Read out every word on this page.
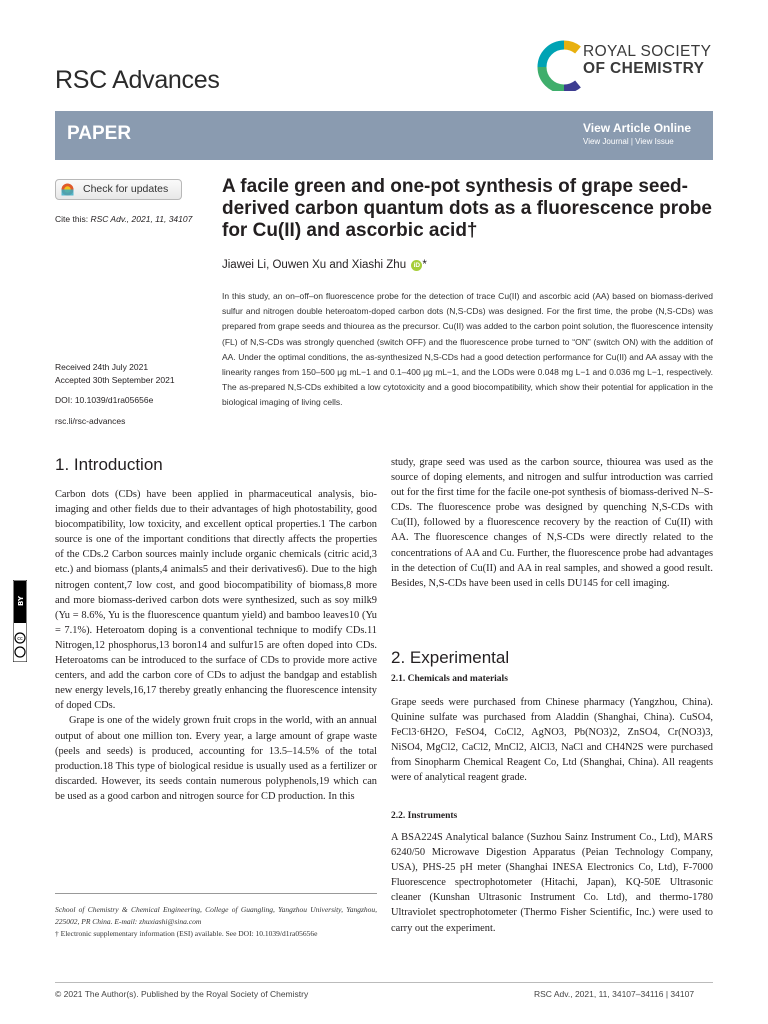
RSC Advances
ROYAL SOCIETY
OF CHEMISTRY
PAPER	View Article Online
View Journal | View Issue
Check for updates
Cite this: RSC Adv., 2021, 11, 34107
Received 24th July 2021
Accepted 30th September 2021
DOI: 10.1039/d1ra05656e
rsc.li/rsc-advances
cc
BY
A facile green and one-pot synthesis of grape seed-derived carbon quantum dots as a fluorescence probe for Cu(II) and ascorbic acid†
Jiawei Li, Ouwen Xu and Xiashi Zhu iD *
In this study, an on–off–on fluorescence probe for the detection of trace Cu(II) and ascorbic acid (AA) based on biomass-derived sulfur and nitrogen double heteroatom-doped carbon dots (N,S-CDs) was designed. For the first time, the probe (N,S-CDs) was prepared from grape seeds and thiourea as the precursor. Cu(II) was added to the carbon point solution, the fluorescence intensity (FL) of N,S-CDs was strongly quenched (switch OFF) and the fluorescence probe turned to “ON” (switch ON) with the addition of AA. Under the optimal conditions, the as-synthesized N,S-CDs had a good detection performance for Cu(II) and AA assay with the linearity ranges from 150–500 μg mL−1 and 0.1–400 μg mL−1, and the LODs were 0.048 mg L−1 and 0.036 mg L−1, respectively. The as-prepared N,S-CDs exhibited a low cytotoxicity and a good biocompatibility, which show their potential for application in the biological imaging of living cells.
1. Introduction

Carbon dots (CDs) have been applied in pharmaceutical analysis, bio-imaging and other fields due to their advantages of high photostability, good biocompatibility, low toxicity, and excellent optical properties.1 The carbon source is one of the important conditions that directly affects the properties of the CDs.2 Carbon sources mainly include organic chemicals (citric acid,3 etc.) and biomass (plants,4 animals5 and their derivatives6). Due to the high nitrogen content,7 low cost, and good biocompatibility of biomass,8 more and more biomass-derived carbon dots were synthesized, such as soy milk9 (Yu = 8.6%, Yu is the fluorescence quantum yield) and bamboo leaves10 (Yu = 7.1%). Heteroatom doping is a conventional technique to modify CDs.11 Nitrogen,12 phosphorus,13 boron14 and sulfur15 are often doped into CDs. Heteroatoms can be introduced to the surface of CDs to provide more active centers, and add the carbon core of CDs to adjust the bandgap and establish new energy levels,16,17 thereby greatly enhancing the fluorescence intensity of doped CDs.

Grape is one of the widely grown fruit crops in the world, with an annual output of about one million ton. Every year, a large amount of grape waste (peels and seeds) is produced, accounting for 13.5–14.5% of the total production.18 This type of biological residue is usually used as a fertilizer or discarded. However, its seeds contain numerous polyphenols,19 which can be used as a good carbon and nitrogen source for CD production. In this

School of Chemistry & Chemical Engineering, College of Guangling, Yangzhou University, Yangzhou, 225002, PR China. E-mail: zhuxiashi@sina.com

† Electronic supplementary information (ESI) available. See DOI: 10.1039/d1ra05656e

study, grape seed was used as the carbon source, thiourea was used as the source of doping elements, and nitrogen and sulfur introduction was carried out for the first time for the facile one-pot synthesis of biomass-derived N–S-CDs. The fluorescence probe was designed by quenching N,S-CDs with Cu(II), followed by a fluorescence recovery by the reaction of Cu(II) with AA. The fluorescence changes of N,S-CDs were directly related to the concentrations of AA and Cu. Further, the fluorescence probe had advantages in the detection of Cu(II) and AA in real samples, and showed a good result. Besides, N,S-CDs have been used in cells DU145 for cell imaging.
2. Experimental
2.1. Chemicals and materials
Grape seeds were purchased from Chinese pharmacy (Yangzhou, China). Quinine sulfate was purchased from Aladdin (Shanghai, China). CuSO4, FeCl3·6H2O, FeSO4, CoCl2, AgNO3, Pb(NO3)2, ZnSO4, Cr(NO3)3, NiSO4, MgCl2, CaCl2, MnCl2, AlCl3, NaCl and CH4N2S were purchased from Sinopharm Chemical Reagent Co, Ltd (Shanghai, China). All reagents were of analytical reagent grade.
2.2. Instruments
A BSA224S Analytical balance (Suzhou Sainz Instrument Co., Ltd), MARS 6240/50 Microwave Digestion Apparatus (Peian Technology Company, USA), PHS-25 pH meter (Shanghai INESA Electronics Co, Ltd), F-7000 Fluorescence spectrophotometer (Hitachi, Japan), KQ-50E Ultrasonic cleaner (Kunshan Ultrasonic Instrument Co. Ltd), and thermo-1780 Ultraviolet spectrophotometer (Thermo Fisher Scientific, Inc.) were used to carry out the experiment.
© 2021 The Author(s). Published by the Royal Society of Chemistry	RSC Adv., 2021, 11, 34107–34116 | 34107
